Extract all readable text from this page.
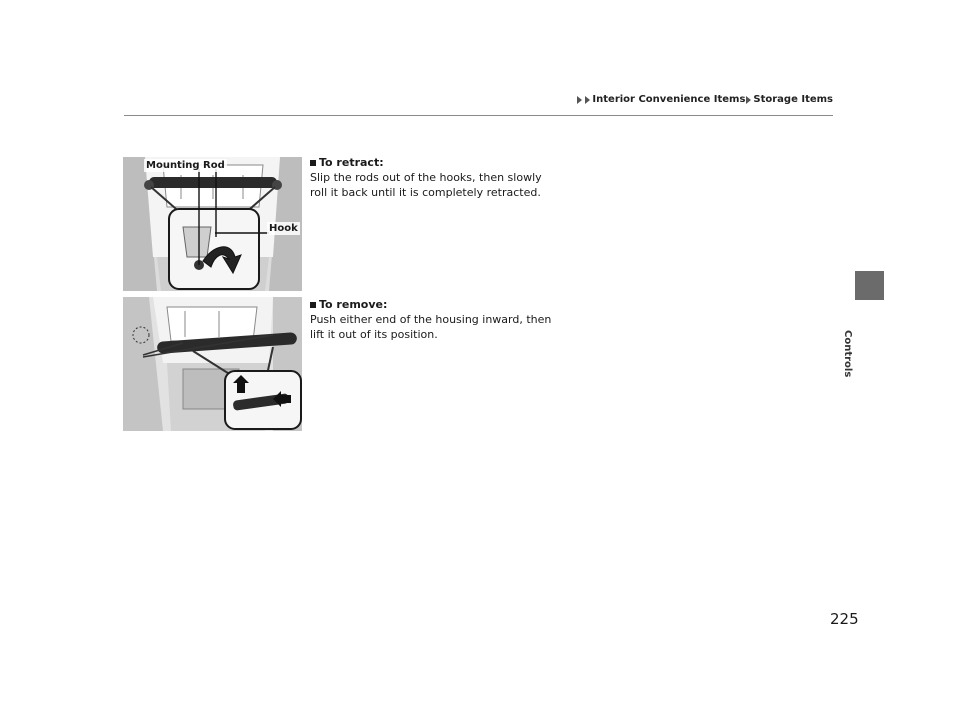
Interior Convenience Items Storage Items
Controls
Mounting Rod
Hook
To retract:
Slip the rods out of the hooks, then slowly roll it back until it is completely retracted.
To remove:
Push either end of the housing inward, then lift it out of its position.
225
